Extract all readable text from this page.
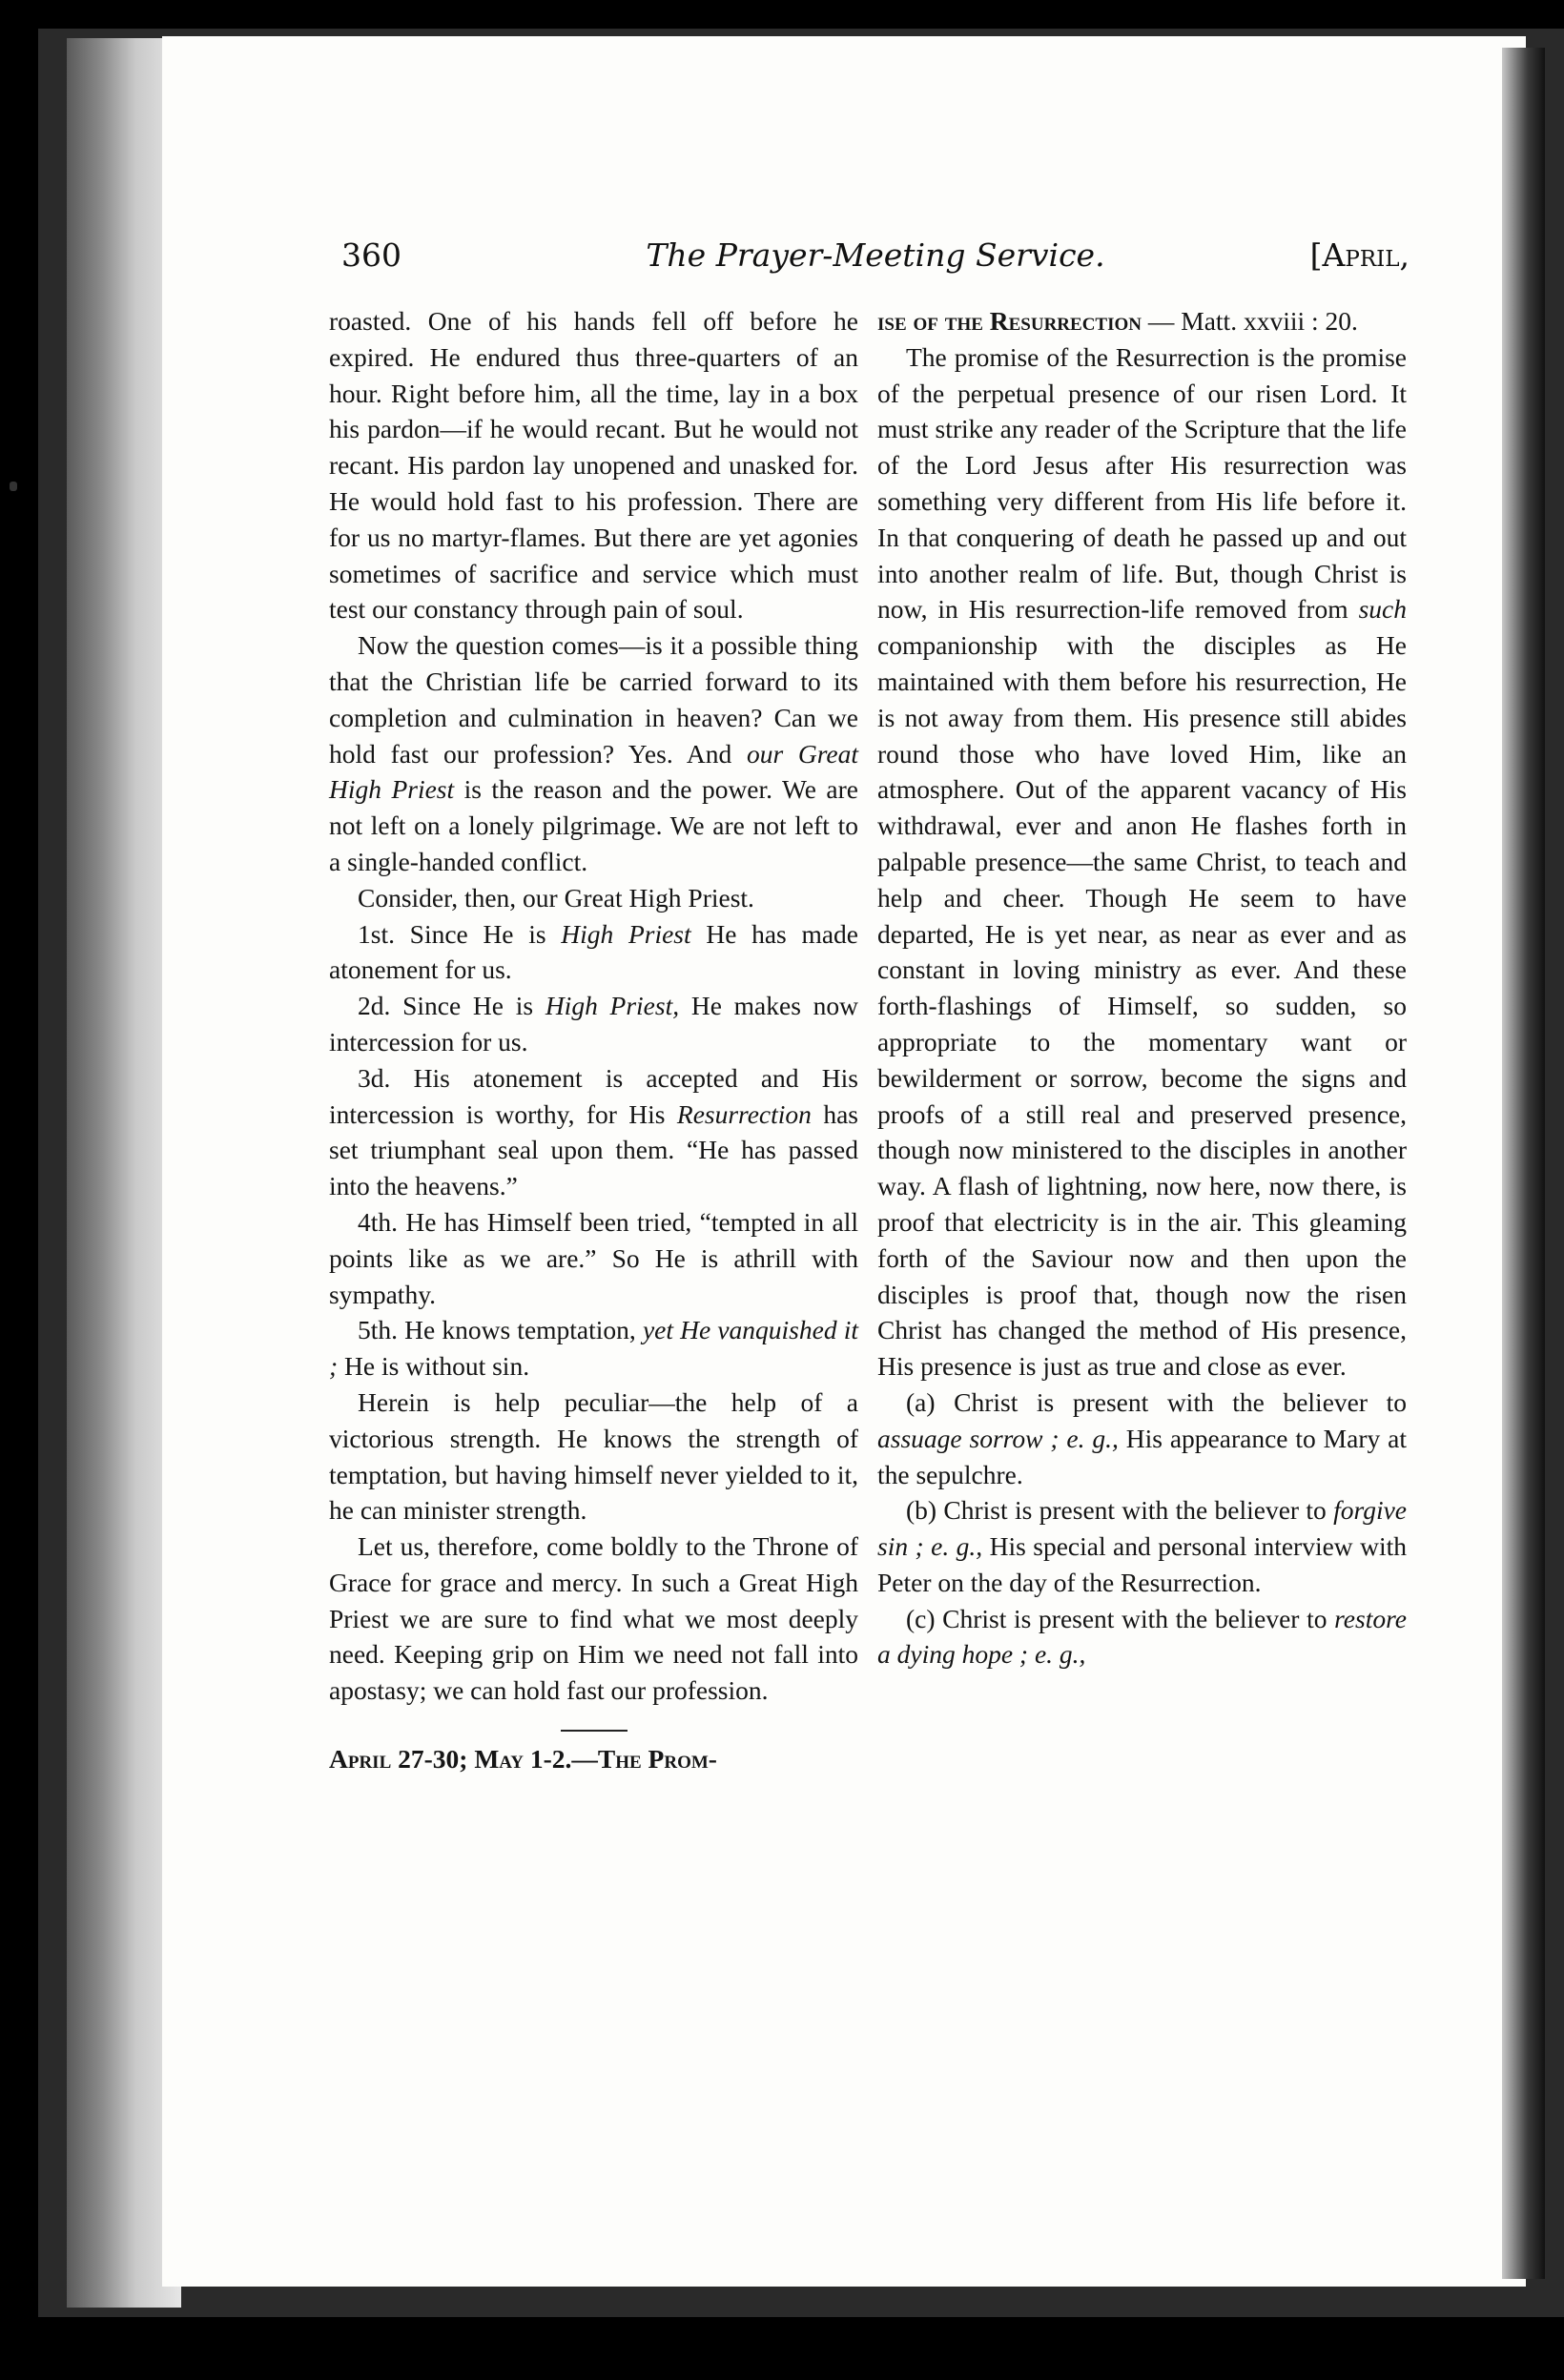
360	The Prayer-Meeting Service.	[April,

roasted. One of his hands fell off before he expired. He endured thus three-quarters of an hour. Right before him, all the time, lay in a box his pardon—if he would recant. But he would not recant. His pardon lay unopened and unasked for. He would hold fast to his profession. There are for us no martyr-flames. But there are yet agonies sometimes of sacrifice and service which must test our constancy through pain of soul.

Now the question comes—is it a possible thing that the Christian life be carried forward to its completion and culmination in heaven? Can we hold fast our profession? Yes. And our Great High Priest is the reason and the power. We are not left on a lonely pilgrimage. We are not left to a single-handed conflict.

Consider, then, our Great High Priest.

1st. Since He is High Priest He has made atonement for us.

2d. Since He is High Priest, He makes now intercession for us.

3d. His atonement is accepted and His intercession is worthy, for His Resurrection has set triumphant seal upon them. “He has passed into the heavens.”

4th. He has Himself been tried, “tempted in all points like as we are.” So He is athrill with sympathy.

5th. He knows temptation, yet He vanquished it ; He is without sin.

Herein is help peculiar—the help of a victorious strength. He knows the strength of temptation, but having himself never yielded to it, he can minister strength.

Let us, therefore, come boldly to the Throne of Grace for grace and mercy. In such a Great High Priest we are sure to find what we most deeply need. Keeping grip on Him we need not fall into apostasy; we can hold fast our profession.

April 27-30; May 1-2.—The Prom-

ise of the Resurrection — Matt. xxviii : 20.

The promise of the Resurrection is the promise of the perpetual presence of our risen Lord. It must strike any reader of the Scripture that the life of the Lord Jesus after His resurrection was something very different from His life before it. In that conquering of death he passed up and out into another realm of life. But, though Christ is now, in His resurrection-life removed from such companionship with the disciples as He maintained with them before his resurrection, He is not away from them. His presence still abides round those who have loved Him, like an atmosphere. Out of the apparent vacancy of His withdrawal, ever and anon He flashes forth in palpable presence—the same Christ, to teach and help and cheer. Though He seem to have departed, He is yet near, as near as ever and as constant in loving ministry as ever. And these forth-flashings of Himself, so sudden, so appropriate to the momentary want or bewilderment or sorrow, become the signs and proofs of a still real and preserved presence, though now ministered to the disciples in another way. A flash of lightning, now here, now there, is proof that electricity is in the air. This gleaming forth of the Saviour now and then upon the disciples is proof that, though now the risen Christ has changed the method of His presence, His presence is just as true and close as ever.

(a) Christ is present with the believer to assuage sorrow ; e. g., His appearance to Mary at the sepulchre.

(b) Christ is present with the believer to forgive sin ; e. g., His special and personal interview with Peter on the day of the Resurrection.

(c) Christ is present with the believer to restore a dying hope ; e. g.,
